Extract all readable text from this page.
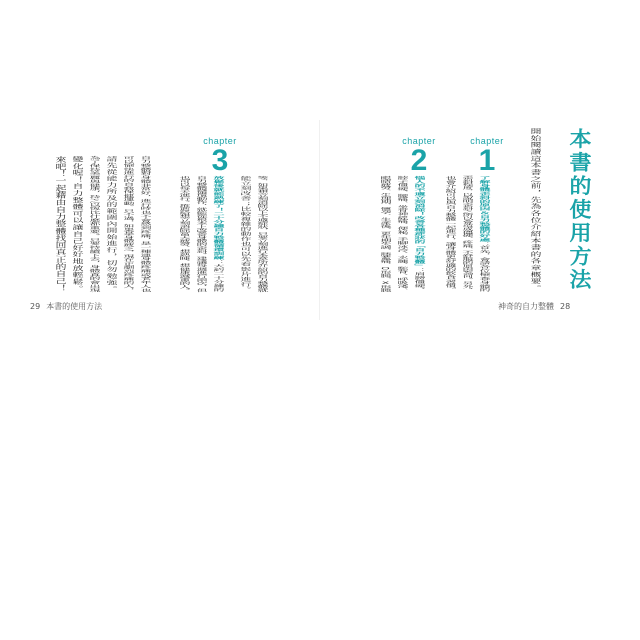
本書的使用方法
開始閱讀這本書之前，先為各位介紹本書的各章概要。
chapter
1
了解身體歪斜的原因＆自力整體的好處：首先，會請各位檢查身體的
歪斜程度，以說明歪斜之所以會造成僵硬、疼痛、不舒服的原因為何。另外，
也會介紹可以與自力整體一起進行，讓身體更舒適的飲食習慣。
chapter
2
惱人的不適立刻消除！改善各種症狀的「自力整體」：肩膀僵硬、
脖子僵硬、腰痛、坐骨神經痛、便秘、手腳冰冷、水腫、駝背、呼吸淺、
眼睛疲勞、生理期、懷孕、生產後、更年期失調、膝蓋痛、O形腿、X形腿
神奇的自力整體 28
等，如果想立刻消除以上不適症狀，只要立刻進行本章所介紹的自力整體就
能立刻改善；比較複雜的動作也可以先看影片進行。
chapter
3
放鬆後就能熟練了！二十分鐘自力整體循環訓練：大約二十分鐘的
自力整體循環動作，就能從根本上改善身體的歪斜。建議每週進行兩次，但
也可以每天進行。推薦給想立刻消除當天疲勞、想熟睡、想健康減重的人。
自力整體對身體非常好，進行時也不會感到疼痛，是一種連身體疼痛或老年人也
可以愉快進行的自我保健運動。只不過，如果是身體疲乏，現在正劇烈疼痛的人，
請先從能力所及的範圍內開始進行，切勿勉強。
為了保持美麗與健康，持之以恆比什麼都重要。只要持續下去，身體真的會出現
變化喔！自力整體可以讓自己好好地放輕鬆。
來吧！一起藉由自力整體找回真正的自己！
29 本書的使用方法
